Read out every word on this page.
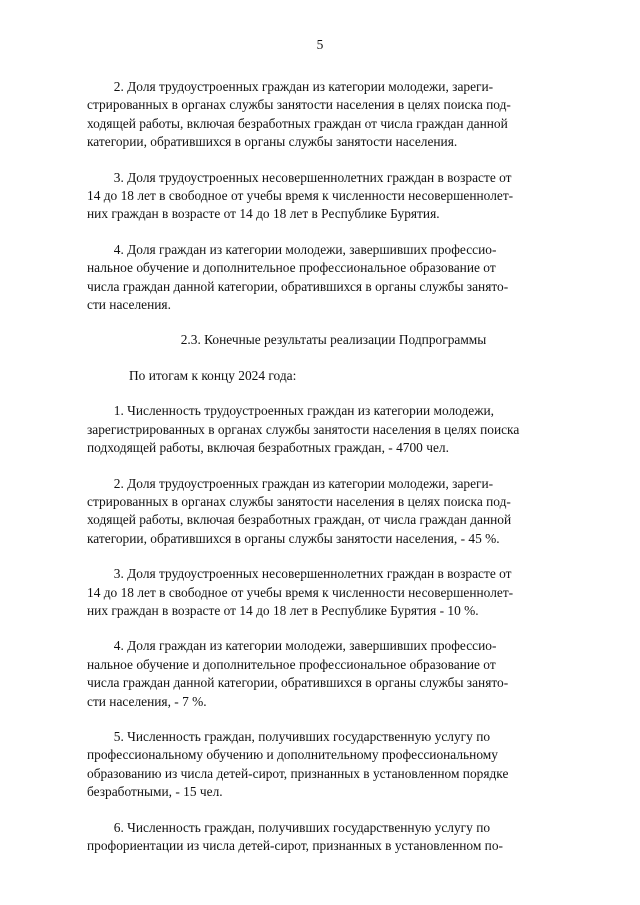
5
2. Доля трудоустроенных граждан из категории молодежи, зареги-
стрированных в органах службы занятости населения в целях поиска под-
ходящей работы, включая безработных граждан от числа граждан данной
категории, обратившихся в органы службы занятости населения.
3. Доля трудоустроенных несовершеннолетних граждан в возрасте от
14 до 18 лет в свободное от учебы время к численности несовершеннолет-
них граждан в возрасте от 14 до 18 лет в Республике Бурятия.
4. Доля граждан из категории молодежи, завершивших профессио-
нальное обучение и дополнительное профессиональное образование от
числа граждан данной категории, обратившихся в органы службы занято-
сти населения.
2.3. Конечные результаты реализации Подпрограммы
По итогам к концу 2024 года:
1. Численность трудоустроенных граждан из категории молодежи,
зарегистрированных в органах службы занятости населения в целях поиска
подходящей работы, включая безработных граждан, - 4700 чел.
2. Доля трудоустроенных граждан из категории молодежи, зареги-
стрированных в органах службы занятости населения в целях поиска под-
ходящей работы, включая безработных граждан, от числа граждан данной
категории, обратившихся в органы службы занятости населения, - 45 %.
3. Доля трудоустроенных несовершеннолетних граждан в возрасте от
14 до 18 лет в свободное от учебы время к численности несовершеннолет-
них граждан в возрасте от 14 до 18 лет в Республике Бурятия - 10 %.
4. Доля граждан из категории молодежи, завершивших профессио-
нальное обучение и дополнительное профессиональное образование от
числа граждан данной категории, обратившихся в органы службы занято-
сти населения, - 7 %.
5. Численность граждан, получивших государственную услугу по
профессиональному обучению и дополнительному профессиональному
образованию из числа детей-сирот, признанных в установленном порядке
безработными, - 15 чел.
6. Численность граждан, получивших государственную услугу по
профориентации из числа детей-сирот, признанных в установленном по-
